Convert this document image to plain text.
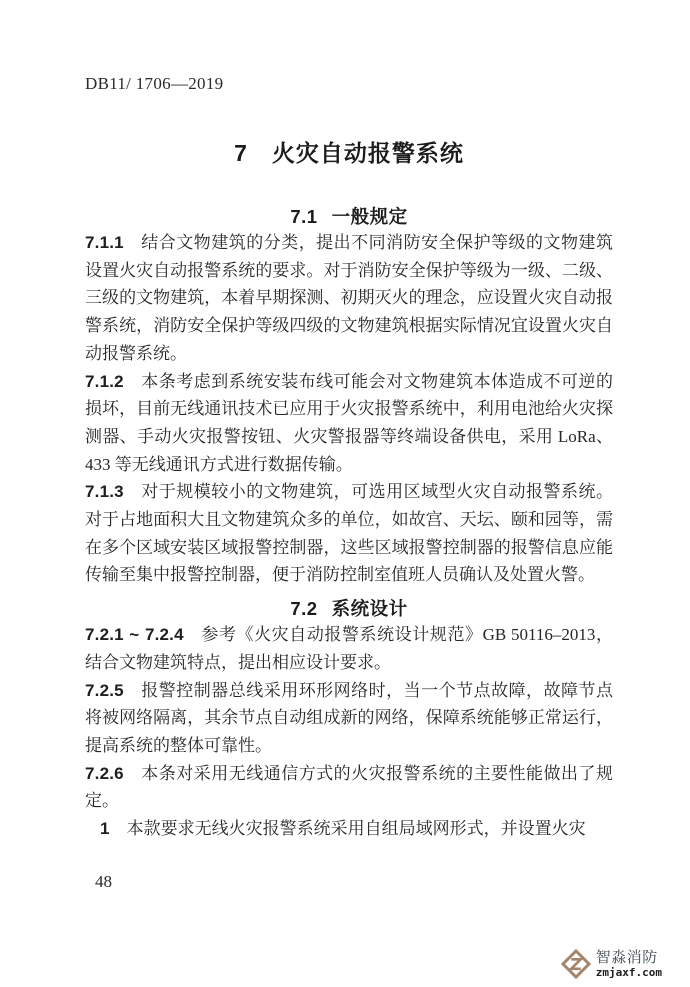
DB11/ 1706—2019
7 火灾自动报警系统
7.1 一般规定

7.1.1 结合文物建筑的分类，提出不同消防安全保护等级的文物建筑设置火灾自动报警系统的要求。对于消防安全保护等级为一级、二级、三级的文物建筑，本着早期探测、初期灭火的理念，应设置火灾自动报警系统，消防安全保护等级四级的文物建筑根据实际情况宜设置火灾自动报警系统。

7.1.2 本条考虑到系统安装布线可能会对文物建筑本体造成不可逆的损坏，目前无线通讯技术已应用于火灾报警系统中，利用电池给火灾探测器、手动火灾报警按钮、火灾警报器等终端设备供电，采用 LoRa、433 等无线通讯方式进行数据传输。

7.1.3 对于规模较小的文物建筑，可选用区域型火灾自动报警系统。对于占地面积大且文物建筑众多的单位，如故宫、天坛、颐和园等，需在多个区域安装区域报警控制器，这些区域报警控制器的报警信息应能传输至集中报警控制器，便于消防控制室值班人员确认及处置火警。

7.2 系统设计

7.2.1 ~ 7.2.4 参考《火灾自动报警系统设计规范》GB 50116–2013，结合文物建筑特点，提出相应设计要求。

7.2.5 报警控制器总线采用环形网络时，当一个节点故障，故障节点将被网络隔离，其余节点自动组成新的网络，保障系统能够正常运行，提高系统的整体可靠性。

7.2.6 本条对采用无线通信方式的火灾报警系统的主要性能做出了规定。

1 本款要求无线火灾报警系统采用自组局域网形式，并设置火灾

48
智淼消防
zmjaxf.com
